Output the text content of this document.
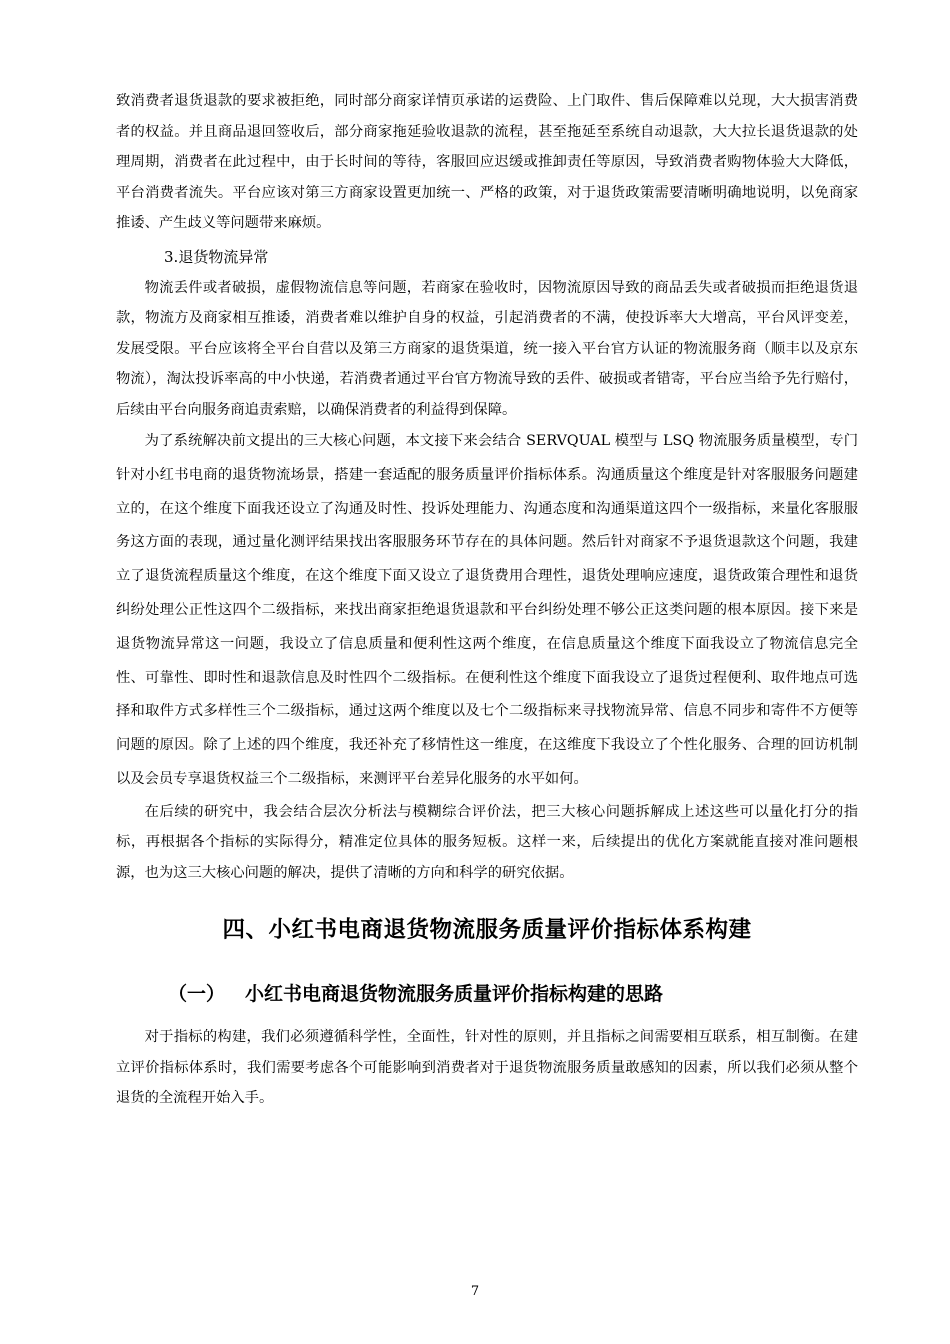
致消费者退货退款的要求被拒绝，同时部分商家详情页承诺的运费险、上门取件、售后保障难以兑现，大大损害消费者的权益。并且商品退回签收后，部分商家拖延验收退款的流程，甚至拖延至系统自动退款，大大拉长退货退款的处理周期，消费者在此过程中，由于长时间的等待，客服回应迟缓或推卸责任等原因，导致消费者购物体验大大降低，平台消费者流失。平台应该对第三方商家设置更加统一、严格的政策，对于退货政策需要清晰明确地说明，以免商家推诿、产生歧义等问题带来麻烦。

3.退货物流异常

物流丢件或者破损，虚假物流信息等问题，若商家在验收时，因物流原因导致的商品丢失或者破损而拒绝退货退款，物流方及商家相互推诿，消费者难以维护自身的权益，引起消费者的不满，使投诉率大大增高，平台风评变差，发展受限。平台应该将全平台自营以及第三方商家的退货渠道，统一接入平台官方认证的物流服务商（顺丰以及京东物流），淘汰投诉率高的中小快递，若消费者通过平台官方物流导致的丢件、破损或者错寄，平台应当给予先行赔付，后续由平台向服务商追责索赔，以确保消费者的利益得到保障。

为了系统解决前文提出的三大核心问题，本文接下来会结合 SERVQUAL 模型与 LSQ 物流服务质量模型，专门针对小红书电商的退货物流场景，搭建一套适配的服务质量评价指标体系。沟通质量这个维度是针对客服服务问题建立的，在这个维度下面我还设立了沟通及时性、投诉处理能力、沟通态度和沟通渠道这四个一级指标，来量化客服服务这方面的表现，通过量化测评结果找出客服服务环节存在的具体问题。然后针对商家不予退货退款这个问题，我建立了退货流程质量这个维度，在这个维度下面又设立了退货费用合理性，退货处理响应速度，退货政策合理性和退货纠纷处理公正性这四个二级指标，来找出商家拒绝退货退款和平台纠纷处理不够公正这类问题的根本原因。接下来是退货物流异常这一问题，我设立了信息质量和便利性这两个维度，在信息质量这个维度下面我设立了物流信息完全性、可靠性、即时性和退款信息及时性四个二级指标。在便利性这个维度下面我设立了退货过程便利、取件地点可选择和取件方式多样性三个二级指标，通过这两个维度以及七个二级指标来寻找物流异常、信息不同步和寄件不方便等问题的原因。除了上述的四个维度，我还补充了移情性这一维度，在这维度下我设立了个性化服务、合理的回访机制以及会员专享退货权益三个二级指标，来测评平台差异化服务的水平如何。

在后续的研究中，我会结合层次分析法与模糊综合评价法，把三大核心问题拆解成上述这些可以量化打分的指标，再根据各个指标的实际得分，精准定位具体的服务短板。这样一来，后续提出的优化方案就能直接对准问题根源，也为这三大核心问题的解决，提供了清晰的方向和科学的研究依据。

四、小红书电商退货物流服务质量评价指标体系构建
（一） 小红书电商退货物流服务质量评价指标构建的思路

对于指标的构建，我们必须遵循科学性，全面性，针对性的原则，并且指标之间需要相互联系，相互制衡。在建立评价指标体系时，我们需要考虑各个可能影响到消费者对于退货物流服务质量敢感知的因素，所以我们必须从整个退货的全流程开始入手。

7
